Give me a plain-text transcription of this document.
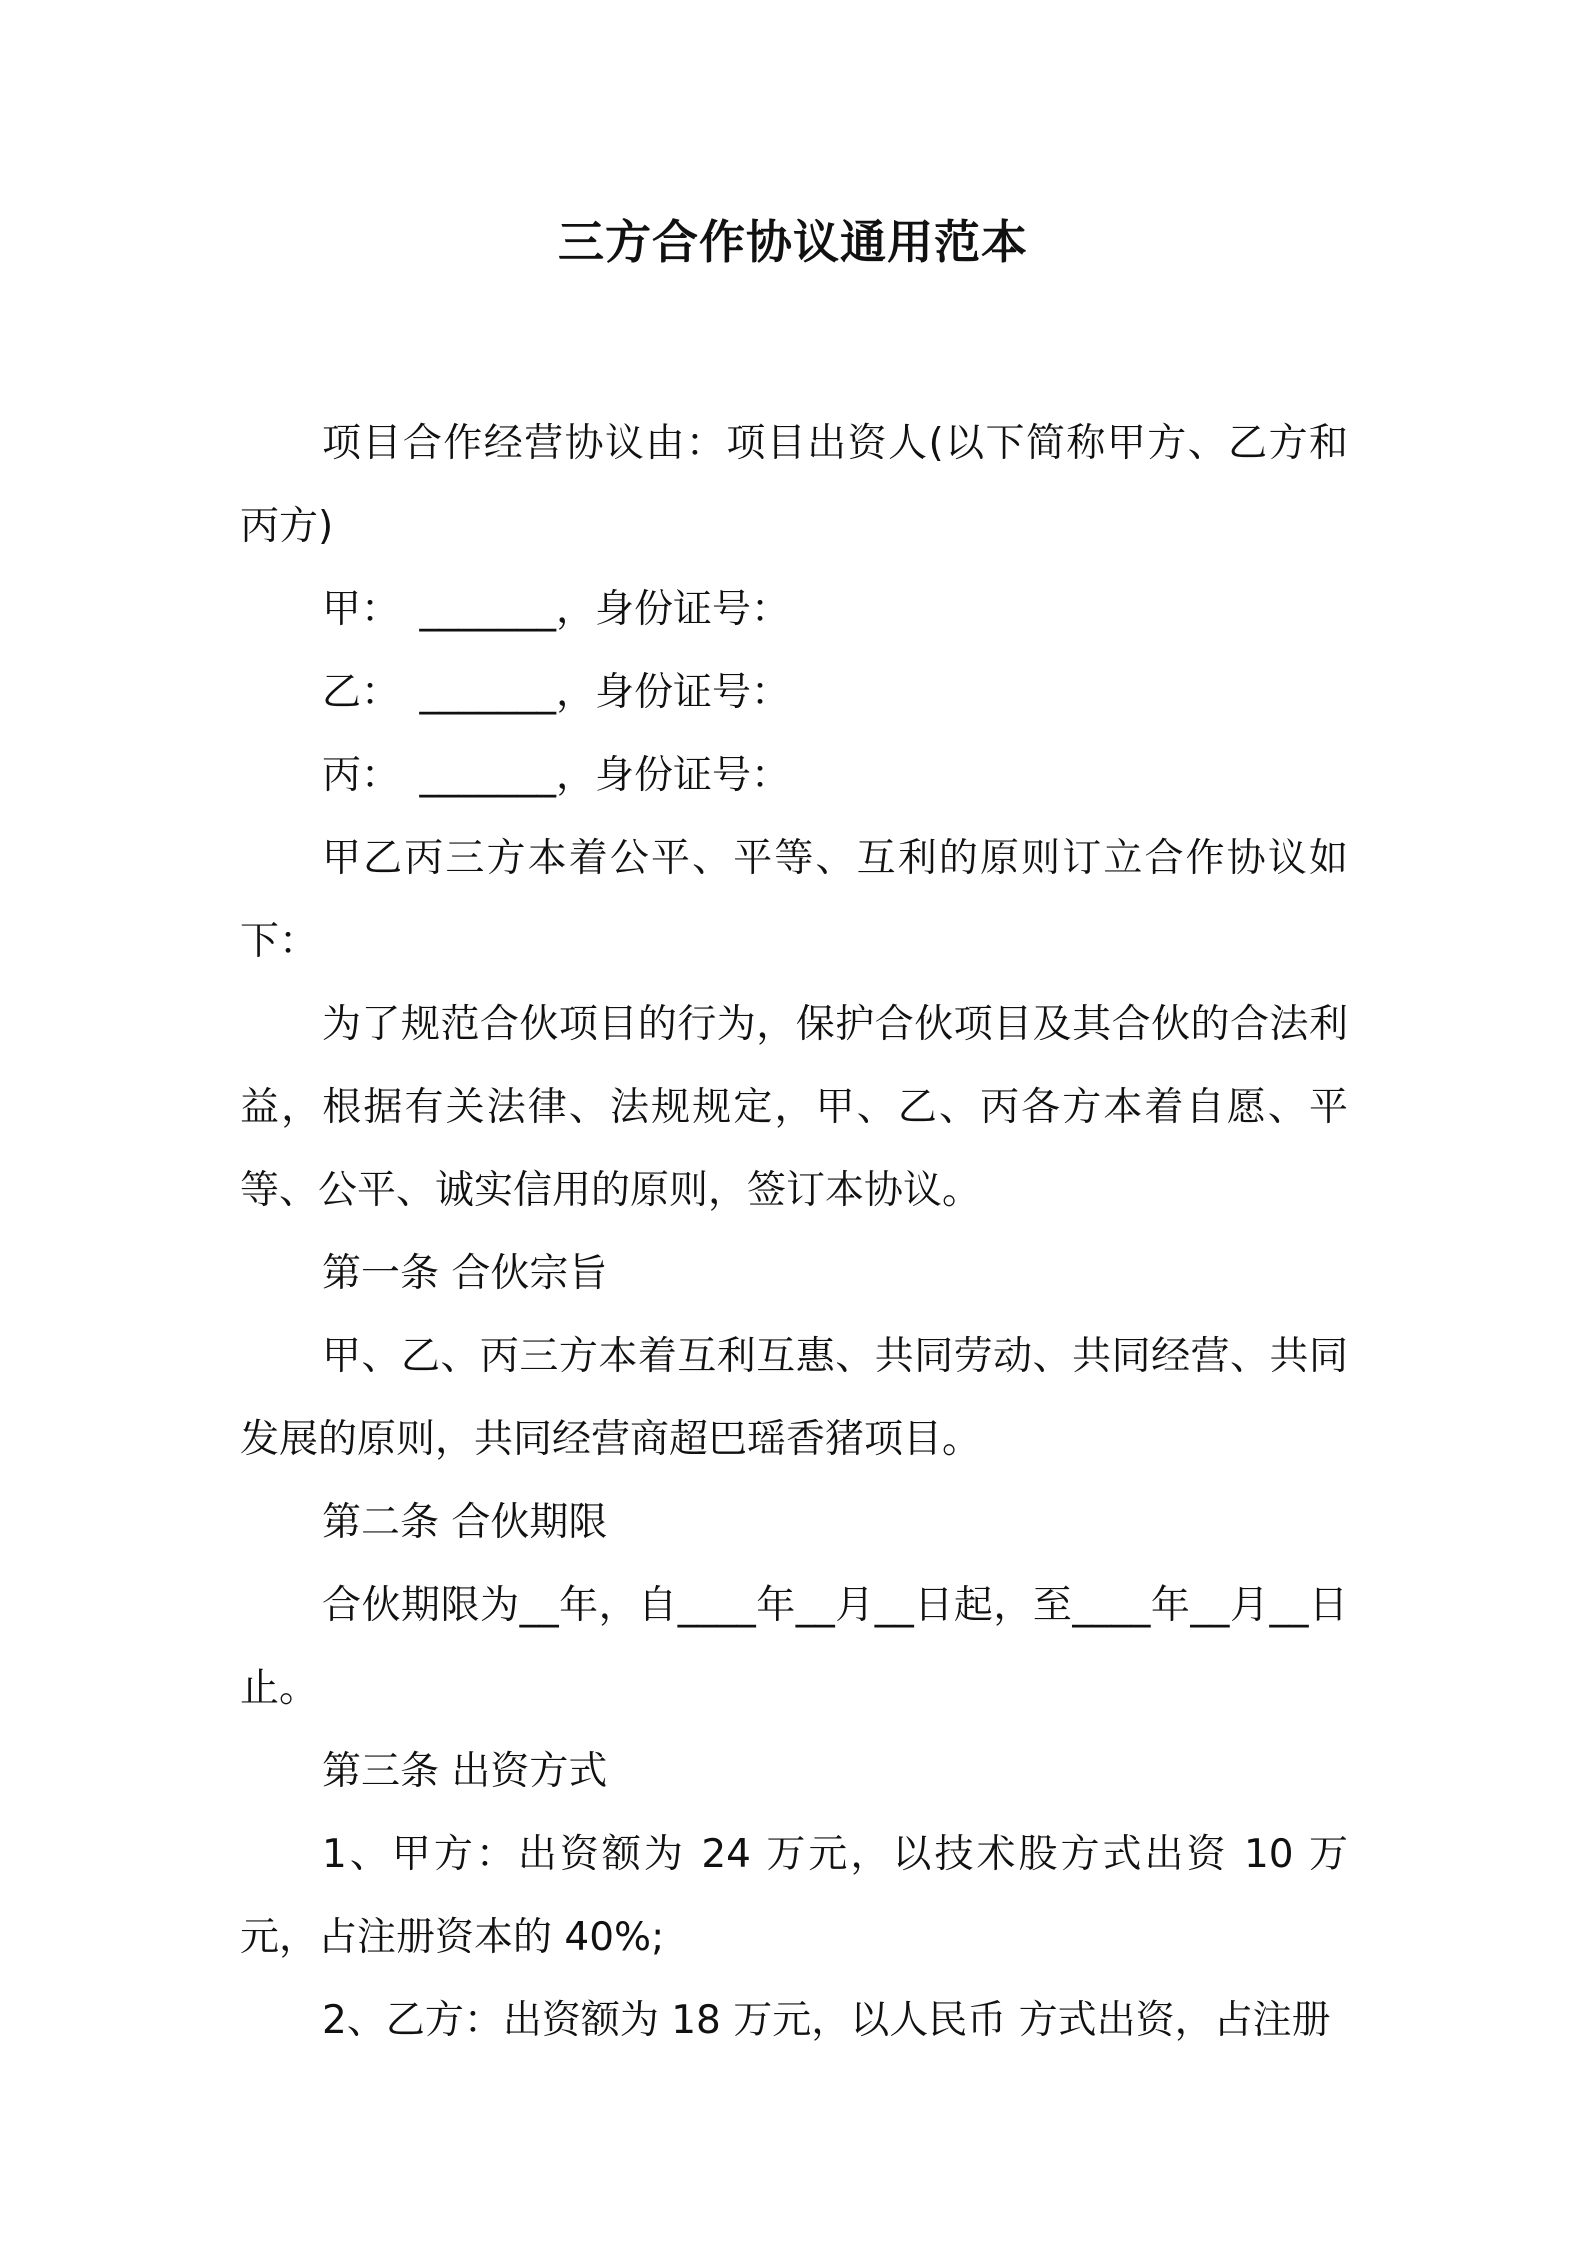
三方合作协议通用范本

项目合作经营协议由：项目出资人(以下简称甲方、乙方和丙方)

甲：　_______，身份证号：

乙：　_______，身份证号：

丙：　_______，身份证号：

甲乙丙三方本着公平、平等、互利的原则订立合作协议如下：

为了规范合伙项目的行为，保护合伙项目及其合伙的合法利益，根据有关法律、法规规定，甲、乙、丙各方本着自愿、平等、公平、诚实信用的原则，签订本协议。

第一条 合伙宗旨

甲、乙、丙三方本着互利互惠、共同劳动、共同经营、共同发展的原则，共同经营商超巴瑶香猪项目。

第二条 合伙期限

合伙期限为__年，自____年__月__日起，至____年__月__日止。

第三条 出资方式

1、甲方：出资额为 24 万元，以技术股方式出资 10 万元，占注册资本的 40%;

2、乙方：出资额为 18 万元，以人民币 方式出资，占注册
